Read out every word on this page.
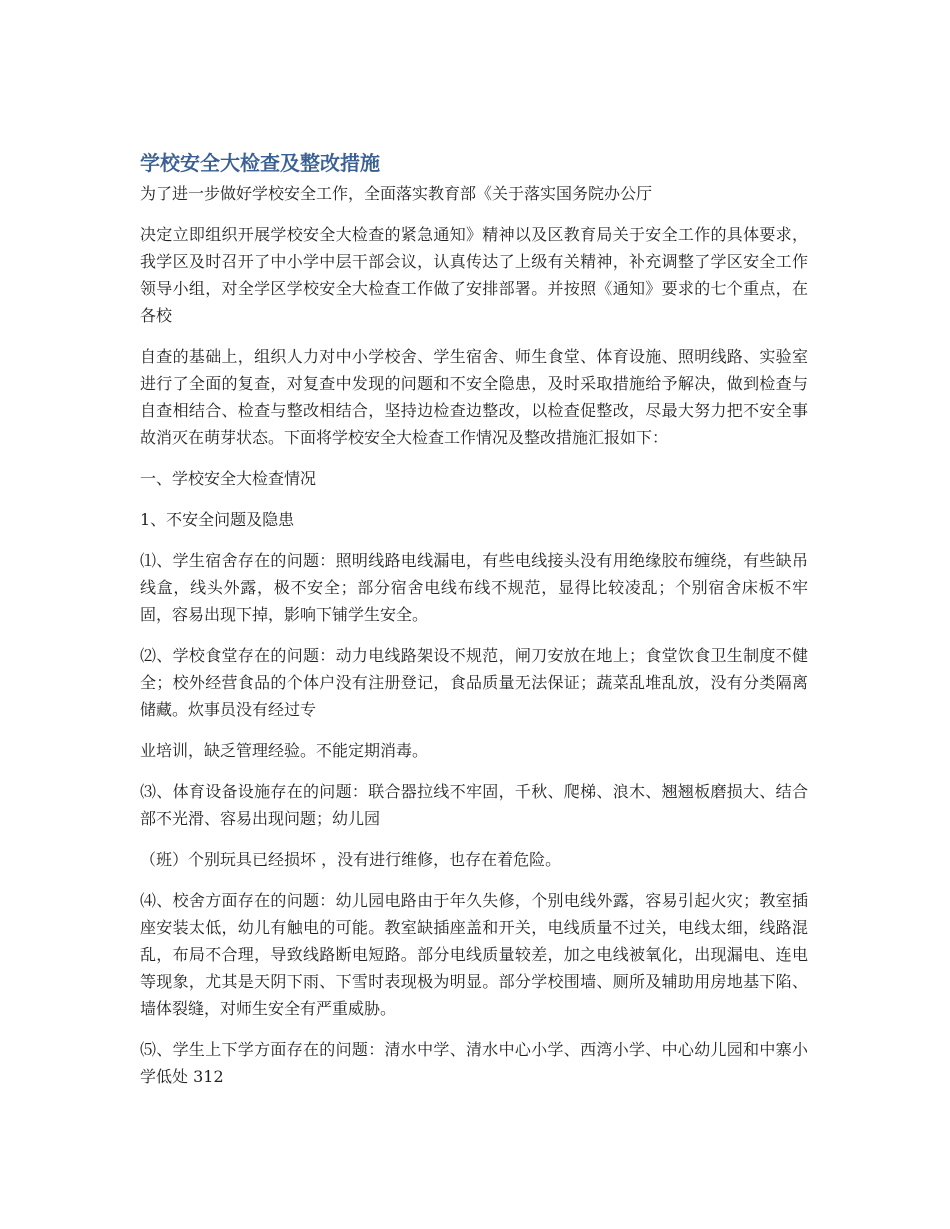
学校安全大检查及整改措施

为了进一步做好学校安全工作，全面落实教育部《关于落实国务院办公厅

决定立即组织开展学校安全大检查的紧急通知》精神以及区教育局关于安全工作的具体要求，我学区及时召开了中小学中层干部会议，认真传达了上级有关精神，补充调整了学区安全工作领导小组，对全学区学校安全大检查工作做了安排部署。并按照《通知》要求的七个重点，在各校

自查的基础上，组织人力对中小学校舍、学生宿舍、师生食堂、体育设施、照明线路、实验室进行了全面的复查，对复查中发现的问题和不安全隐患，及时采取措施给予解决，做到检查与自查相结合、检查与整改相结合，坚持边检查边整改，以检查促整改，尽最大努力把不安全事故消灭在萌芽状态。下面将学校安全大检查工作情况及整改措施汇报如下：

一、学校安全大检查情况

1、不安全问题及隐患

⑴、学生宿舍存在的问题：照明线路电线漏电，有些电线接头没有用绝缘胶布缠绕，有些缺吊线盒，线头外露，极不安全；部分宿舍电线布线不规范，显得比较凌乱；个别宿舍床板不牢固，容易出现下掉，影响下铺学生安全。

⑵、学校食堂存在的问题：动力电线路架设不规范，闸刀安放在地上；食堂饮食卫生制度不健全；校外经营食品的个体户没有注册登记，食品质量无法保证；蔬菜乱堆乱放，没有分类隔离储藏。炊事员没有经过专

业培训，缺乏管理经验。不能定期消毒。

⑶、体育设备设施存在的问题：联合器拉线不牢固，千秋、爬梯、浪木、翘翘板磨损大、结合部不光滑、容易出现问题；幼儿园

（班）个别玩具已经损坏 ，没有进行维修，也存在着危险。

⑷、校舍方面存在的问题：幼儿园电路由于年久失修，个别电线外露，容易引起火灾；教室插座安装太低，幼儿有触电的可能。教室缺插座盖和开关，电线质量不过关，电线太细，线路混乱，布局不合理，导致线路断电短路。部分电线质量较差，加之电线被氧化，出现漏电、连电等现象，尤其是天阴下雨、下雪时表现极为明显。部分学校围墙、厕所及辅助用房地基下陷、墙体裂缝，对师生安全有严重威胁。

⑸、学生上下学方面存在的问题：清水中学、清水中心小学、西湾小学、中心幼儿园和中寨小学低处 312
